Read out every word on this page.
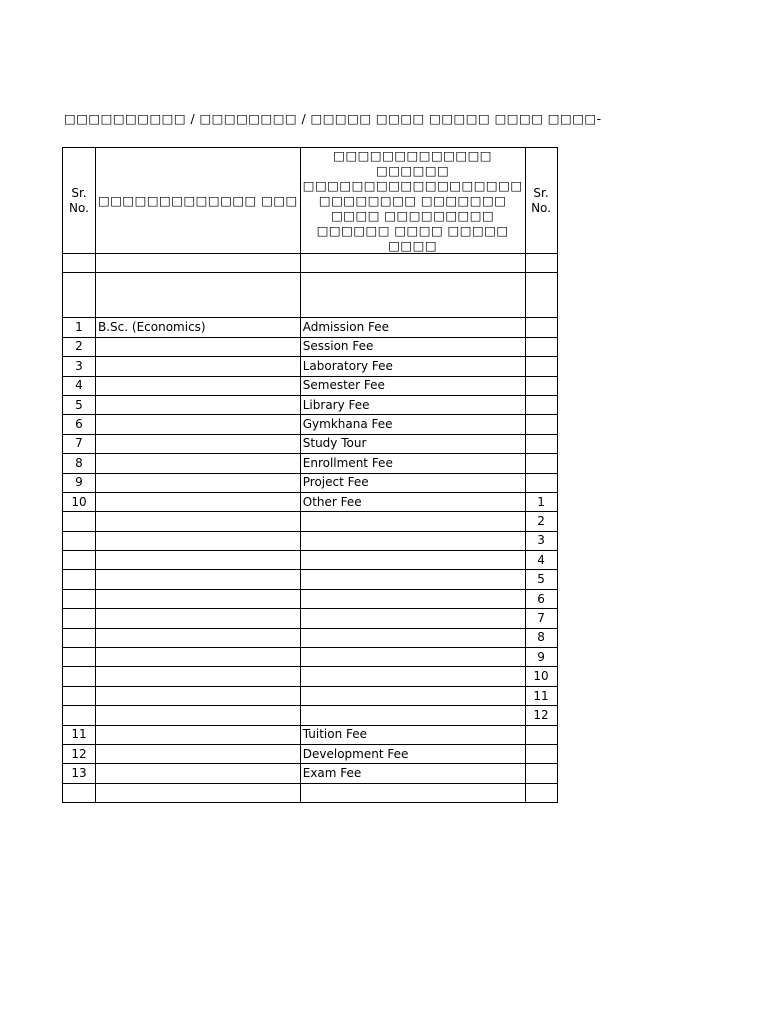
□□□□□□□□□□ / □□□□□□□□ / □□□□□ □□□□ □□□□□ □□□□ □□□□-
Sr. No.	□□□□□□□□□□□□□ □□□	□□□□□□□□□□□□□ □□□□□□ □□□□□□□□□□□□□□□□□□ □□□□□□□□ □□□□□□□ □□□□ □□□□□□□□□ □□□□□□ □□□□ □□□□□ □□□□	Sr. No.

1	B.Sc. (Economics)	Admission Fee	
2		Session Fee	
3		Laboratory Fee	
4		Semester Fee	
5		Library Fee	
6		Gymkhana Fee	
7		Study Tour	
8		Enrollment Fee	
9		Project Fee	
10		Other Fee	1
			2
			3
			4
			5
			6
			7
			8
			9
			10
			11
			12
11		Tuition Fee	
12		Development Fee	
13		Exam Fee	
